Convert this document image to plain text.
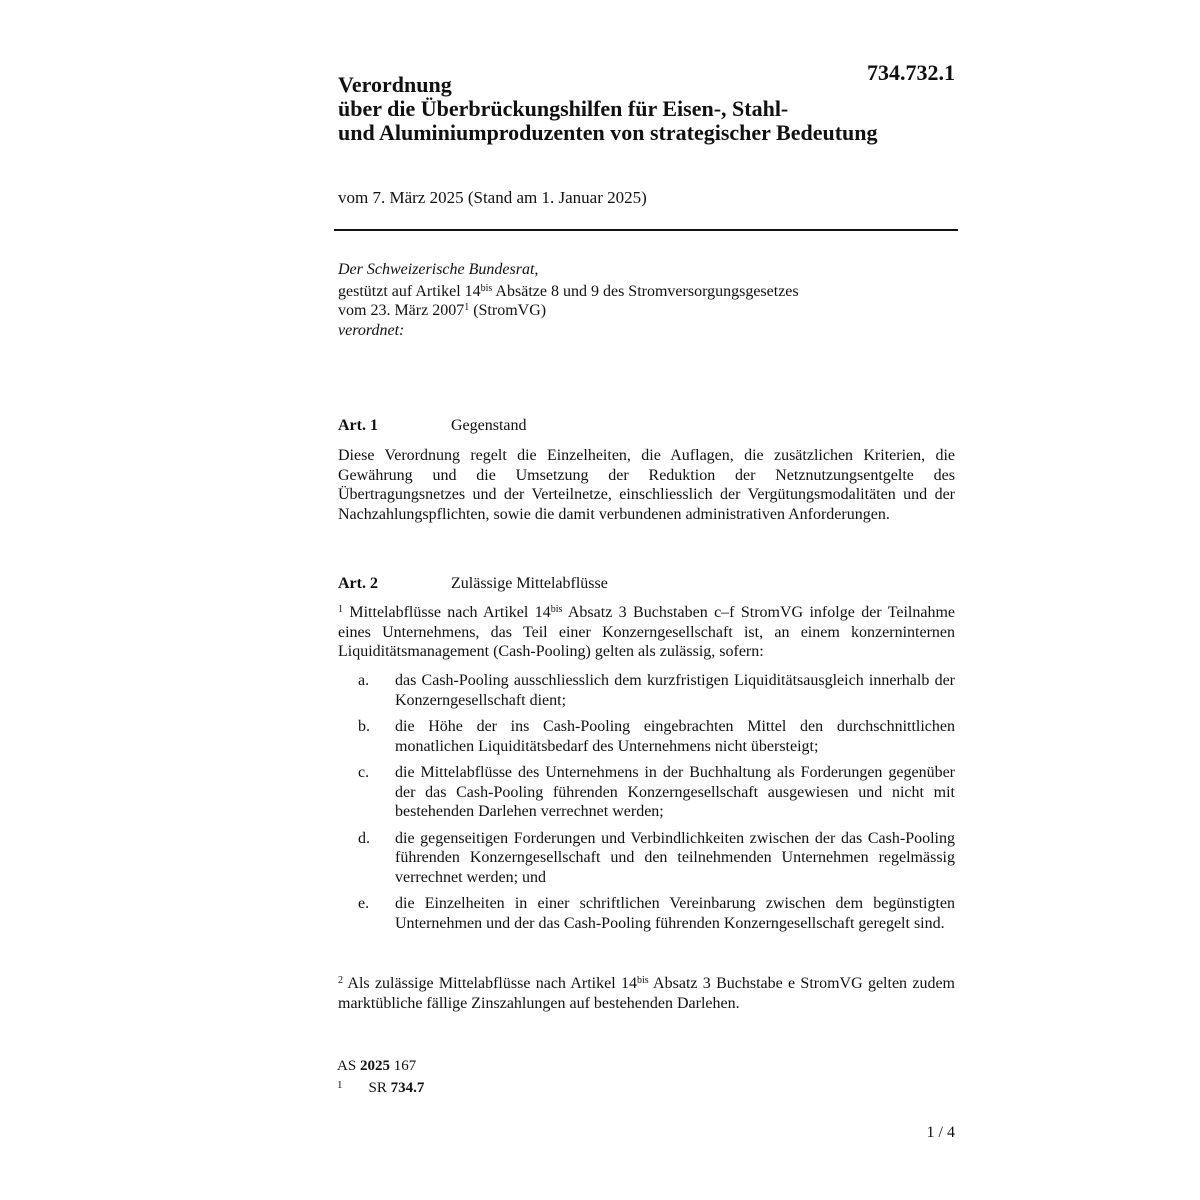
734.732.1
Verordnung
über die Überbrückungshilfen für Eisen-, Stahl-
und Aluminiumproduzenten von strategischer Bedeutung
vom 7. März 2025 (Stand am 1. Januar 2025)
Der Schweizerische Bundesrat,
gestützt auf Artikel $14^{bis}$ Absätze 8 und 9 des Stromversorgungsgesetzes
vom 23. März 2007$^1$ (StromVG)
verordnet:
Art. 1	Gegenstand
Diese Verordnung regelt die Einzelheiten, die Auflagen, die zusätzlichen Kriterien, die Gewährung und die Umsetzung der Reduktion der Netznutzungsentgelte des Übertragungsnetzes und der Verteilnetze, einschliesslich der Vergütungsmodalitäten und der Nachzahlungspflichten, sowie die damit verbundenen administrativen Anforderungen.
Art. 2	Zulässige Mittelabflüsse
$^1$ Mittelabflüsse nach Artikel $14^{bis}$ Absatz 3 Buchstaben c–f StromVG infolge der Teilnahme eines Unternehmens, das Teil einer Konzerngesellschaft ist, an einem konzerninternen Liquiditätsmanagement (Cash-Pooling) gelten als zulässig, sofern:
a. das Cash-Pooling ausschliesslich dem kurzfristigen Liquiditätsausgleich innerhalb der Konzerngesellschaft dient;
b. die Höhe der ins Cash-Pooling eingebrachten Mittel den durchschnittlichen monatlichen Liquiditätsbedarf des Unternehmens nicht übersteigt;
c. die Mittelabflüsse des Unternehmens in der Buchhaltung als Forderungen gegenüber der das Cash-Pooling führenden Konzerngesellschaft ausgewiesen und nicht mit bestehenden Darlehen verrechnet werden;
d. die gegenseitigen Forderungen und Verbindlichkeiten zwischen der das Cash-Pooling führenden Konzerngesellschaft und den teilnehmenden Unternehmen regelmässig verrechnet werden; und
e. die Einzelheiten in einer schriftlichen Vereinbarung zwischen dem begünstigten Unternehmen und der das Cash-Pooling führenden Konzerngesellschaft geregelt sind.
$^2$ Als zulässige Mittelabflüsse nach Artikel $14^{bis}$ Absatz 3 Buchstabe e StromVG gelten zudem marktübliche fällige Zinszahlungen auf bestehenden Darlehen.
AS 2025 167
$^1$ SR 734.7
1 / 4
